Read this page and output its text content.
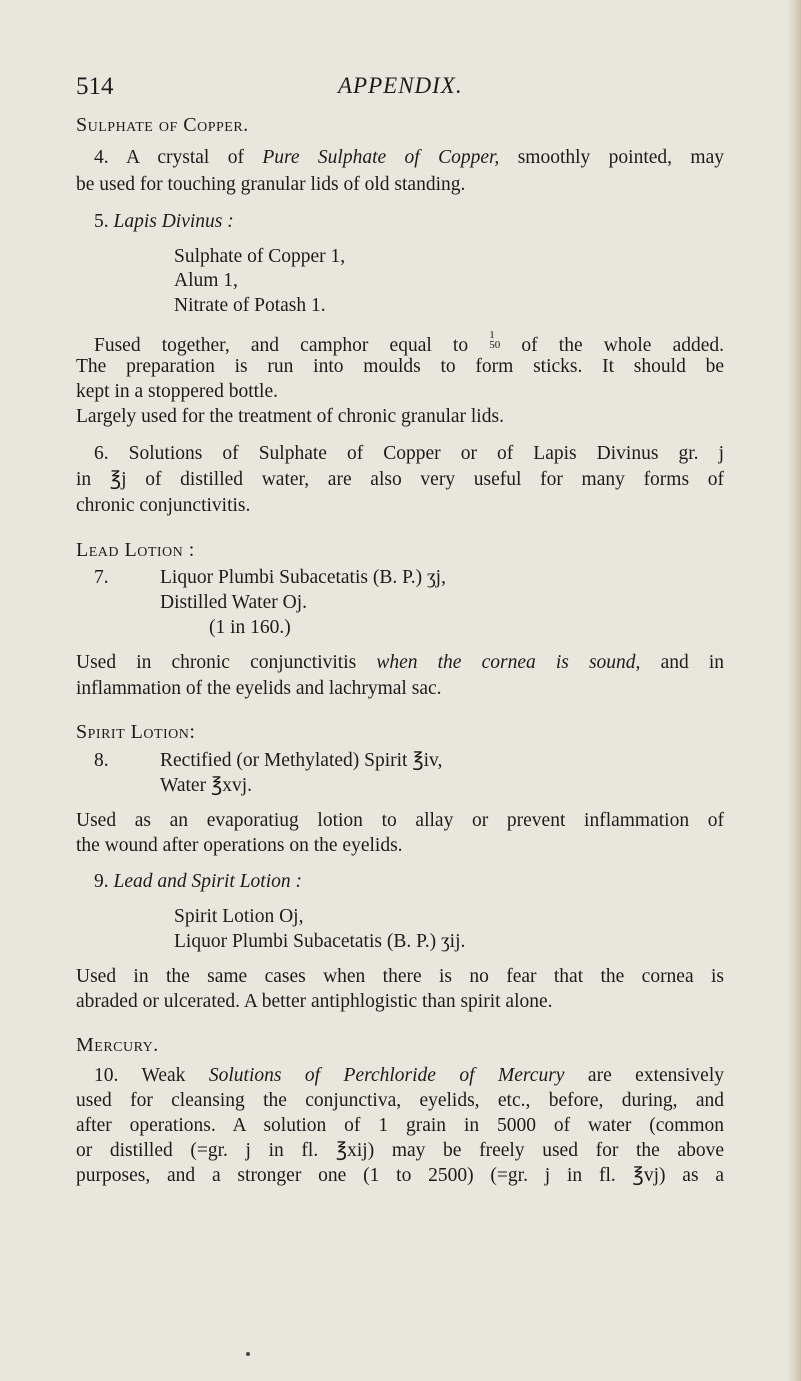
514	APPENDIX.
Sulphate of Copper.
4. A crystal of Pure Sulphate of Copper, smoothly pointed, may
be used for touching granular lids of old standing.
5. Lapis Divinus :
Sulphate of Copper 1,
Alum 1,
Nitrate of Potash 1.
Fused together, and camphor equal to 1
50 of the whole added.
The preparation is run into moulds to form sticks. It should be
kept in a stoppered bottle.
Largely used for the treatment of chronic granular lids.
6. Solutions of Sulphate of Copper or of Lapis Divinus gr. j
in ℥j of distilled water, are also very useful for many forms of
chronic conjunctivitis.
Lead Lotion :
7.	Liquor Plumbi Subacetatis (B. P.) ʒj,
Distilled Water Oj.
(1 in 160.)
Used in chronic conjunctivitis when the cornea is sound, and in
inflammation of the eyelids and lachrymal sac.
Spirit Lotion:
8.	Rectified (or Methylated) Spirit ℥iv,
Water ℥xvj.
Used as an evaporatiug lotion to allay or prevent inflammation of
the wound after operations on the eyelids.
9. Lead and Spirit Lotion :
Spirit Lotion Oj,
Liquor Plumbi Subacetatis (B. P.) ʒij.
Used in the same cases when there is no fear that the cornea is
abraded or ulcerated. A better antiphlogistic than spirit alone.
Mercury.
10. Weak Solutions of Perchloride of Mercury are extensively
used for cleansing the conjunctiva, eyelids, etc., before, during, and
after operations. A solution of 1 grain in 5000 of water (common
or distilled (=gr. j in fl. ℥xij) may be freely used for the above
purposes, and a stronger one (1 to 2500) (=gr. j in fl. ℥vj) as a
